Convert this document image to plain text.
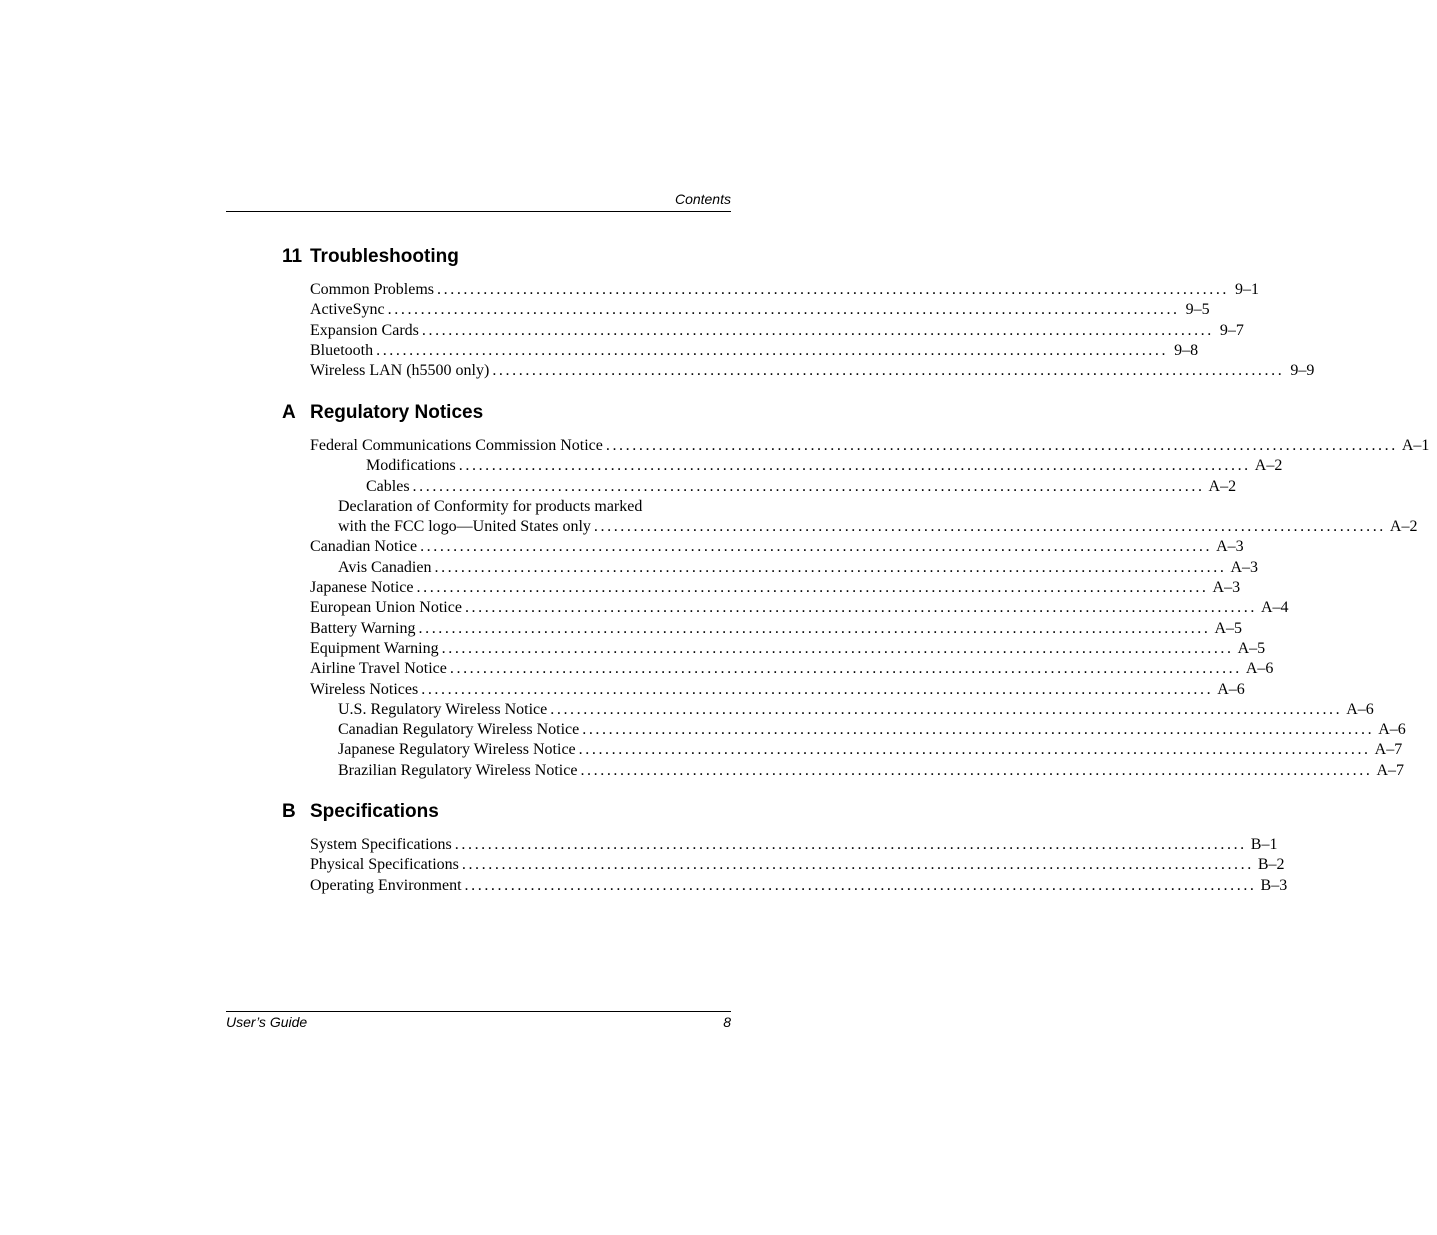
Contents
11 Troubleshooting
Common Problems ........................................................................................................................ 9–1
ActiveSync ........................................................................................................................ 9–5
Expansion Cards ........................................................................................................................ 9–7
Bluetooth ........................................................................................................................ 9–8
Wireless LAN (h5500 only) ........................................................................................................................ 9–9
A Regulatory Notices
Federal Communications Commission Notice ........................................................................................................................ A–1
Modifications ........................................................................................................................ A–2
Cables ........................................................................................................................ A–2
Declaration of Conformity for products marked
with the FCC logo—United States only ........................................................................................................................ A–2
Canadian Notice ........................................................................................................................ A–3
Avis Canadien ........................................................................................................................ A–3
Japanese Notice ........................................................................................................................ A–3
European Union Notice ........................................................................................................................ A–4
Battery Warning ........................................................................................................................ A–5
Equipment Warning ........................................................................................................................ A–5
Airline Travel Notice ........................................................................................................................ A–6
Wireless Notices ........................................................................................................................ A–6
U.S. Regulatory Wireless Notice ........................................................................................................................ A–6
Canadian Regulatory Wireless Notice ........................................................................................................................ A–6
Japanese Regulatory Wireless Notice ........................................................................................................................ A–7
Brazilian Regulatory Wireless Notice ........................................................................................................................ A–7
B Specifications
System Specifications ........................................................................................................................ B–1
Physical Specifications ........................................................................................................................ B–2
Operating Environment ........................................................................................................................ B–3
User’s Guide	8
